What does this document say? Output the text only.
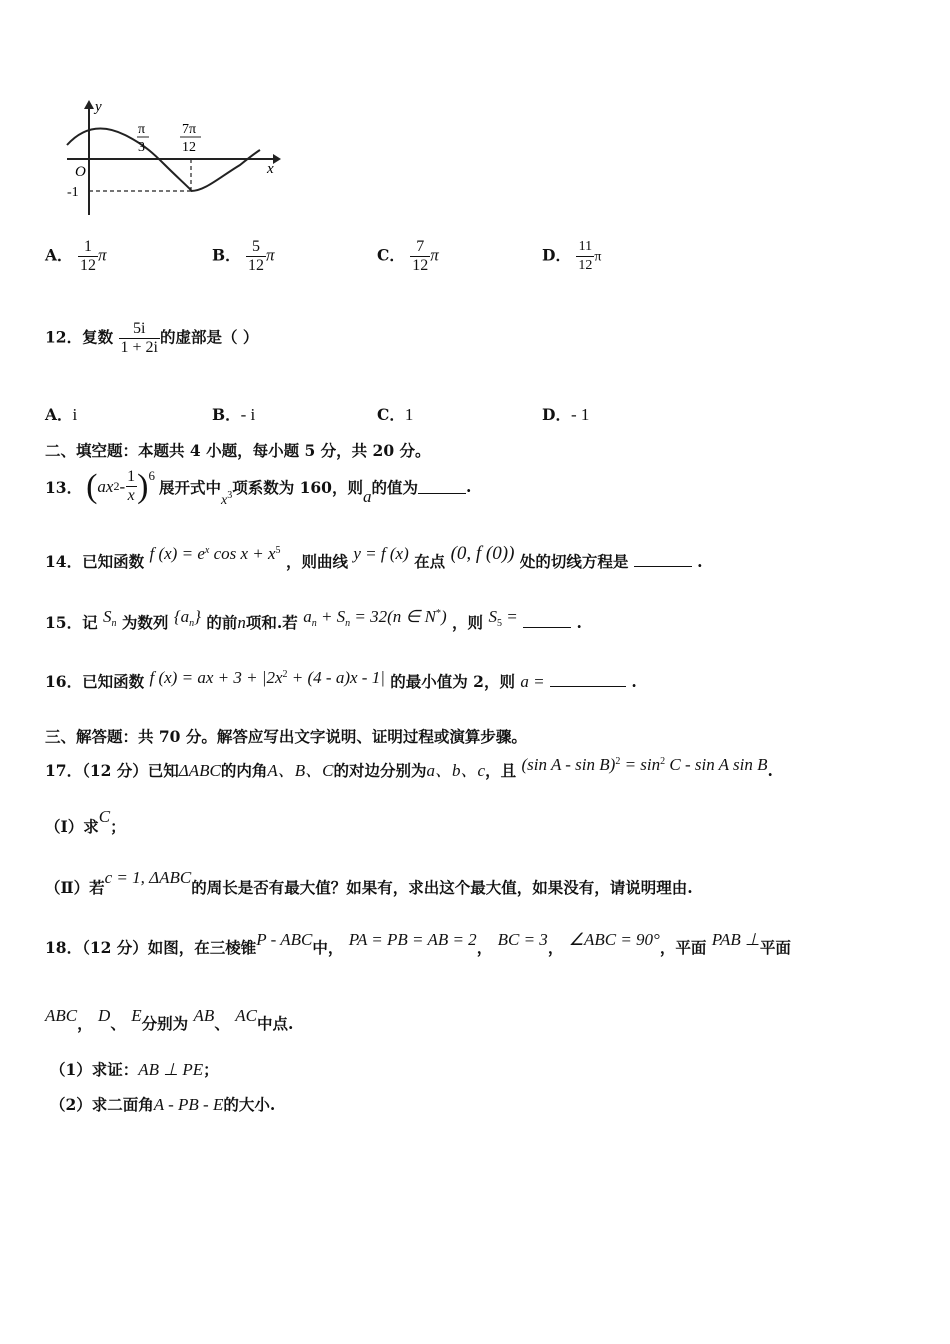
y
x
O
-1
π
3
7π
12
A． $\frac{1}{12}$ π	B． $\frac{5}{12}$ π	C． $\frac{7}{12}$ π	D． $\frac{11}{12}$ π
12．复数 $\frac{5i}{1 + 2i}$ 的虚部是（ ）
A．i	B．- i	C．1	D．- 1
二、填空题：本题共 4 小题，每小题 5 分，共 20 分。
13． ( ax $2 - \frac{1}{x} )^6$
展开式中
$x^3$ 项系数为 160，则 a 的值为	.
14．已知函数 f $(x) = e^x$ $\cos x + x^5$ ，则曲线 y = f (x) 在点 (0, f (0)) 处的切线方程是	.
15．记 $S_n$ 为数列 $\{a_n\}$ 的前n项和.若 $a_n + S_n = 32(n$ ∈ N*) ，则 $S_5$ =	.
16．已知函数 f (x) = ax + $3 + |2x^2 + (4 - a)x - 1|$ 的最小值为 2，则 a =	.
三、解答题：共 70 分。解答应写出文字说明、证明过程或演算步骤。
17．（12 分）已知ΔABC的内角A、B、C的对边分别为a、b、c，且 (sin $A - \sin B)^2 = \sin^2 C - \sin A$ sin B.
（Ⅰ）求C；
（Ⅱ）若c = 1, ΔABC的周长是否有最大值？如果有，求出这个最大值，如果没有，请说明理由.
18．（12 分）如图，在三棱锥P - ABC中， PA = PB = AB = 2， BC = 3， ∠ABC = 90°，平面 PAB ⊥平面
ABC， D、 E分别为 AB、 AC中点.
（1）求证：AB ⊥ PE；
（2）求二面角A - PB - E的大小.
